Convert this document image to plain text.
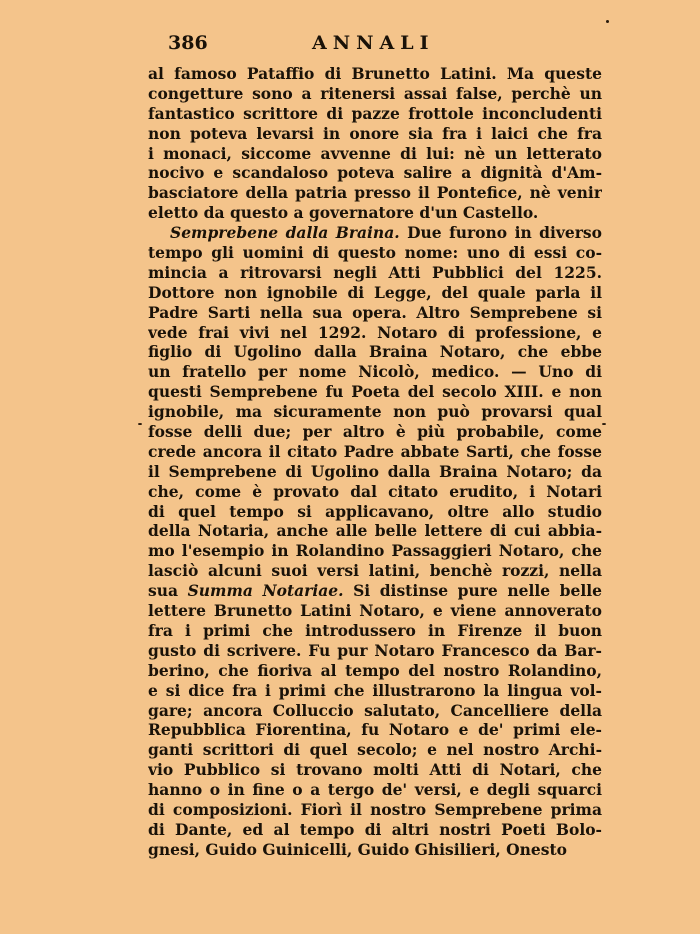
386	ANNALI
al famoso Pataffio di Brunetto Latini. Ma queste
congetture sono a ritenersi assai false, perchè un
fantastico scrittore di pazze frottole inconcludenti
non poteva levarsi in onore sia fra i laici che fra
i monaci, siccome avvenne di lui: nè un letterato
nocivo e scandaloso poteva salire a dignità d'Am-
basciatore della patria presso il Pontefice, nè venir
eletto da questo a governatore d'un Castello.
Semprebene dalla Braina. Due furono in diverso
tempo gli uomini di questo nome: uno di essi co-
mincia a ritrovarsi negli Atti Pubblici del 1225.
Dottore non ignobile di Legge, del quale parla il
Padre Sarti nella sua opera. Altro Semprebene si
vede frai vivi nel 1292. Notaro di professione, e
figlio di Ugolino dalla Braina Notaro, che ebbe
un fratello per nome Nicolò, medico. — Uno di
questi Semprebene fu Poeta del secolo XIII. e non
ignobile, ma sicuramente non può provarsi qual
fosse delli due; per altro è più probabile, come
crede ancora il citato Padre abbate Sarti, che fosse
il Semprebene di Ugolino dalla Braina Notaro; da
che, come è provato dal citato erudito, i Notari
di quel tempo si applicavano, oltre allo studio
della Notaria, anche alle belle lettere di cui abbia-
mo l'esempio in Rolandino Passaggieri Notaro, che
lasciò alcuni suoi versi latini, benchè rozzi, nella
sua Summa Notariae. Si distinse pure nelle belle
lettere Brunetto Latini Notaro, e viene annoverato
fra i primi che introdussero in Firenze il buon
gusto di scrivere. Fu pur Notaro Francesco da Bar-
berino, che fioriva al tempo del nostro Rolandino,
e si dice fra i primi che illustrarono la lingua vol-
gare; ancora Colluccio salutato, Cancelliere della
Repubblica Fiorentina, fu Notaro e de' primi ele-
ganti scrittori di quel secolo; e nel nostro Archi-
vio Pubblico si trovano molti Atti di Notari, che
hanno o in fine o a tergo de' versi, e degli squarci
di composizioni. Fiorì il nostro Semprebene prima
di Dante, ed al tempo di altri nostri Poeti Bolo-
gnesi, Guido Guinicelli, Guido Ghisilieri, Onesto
